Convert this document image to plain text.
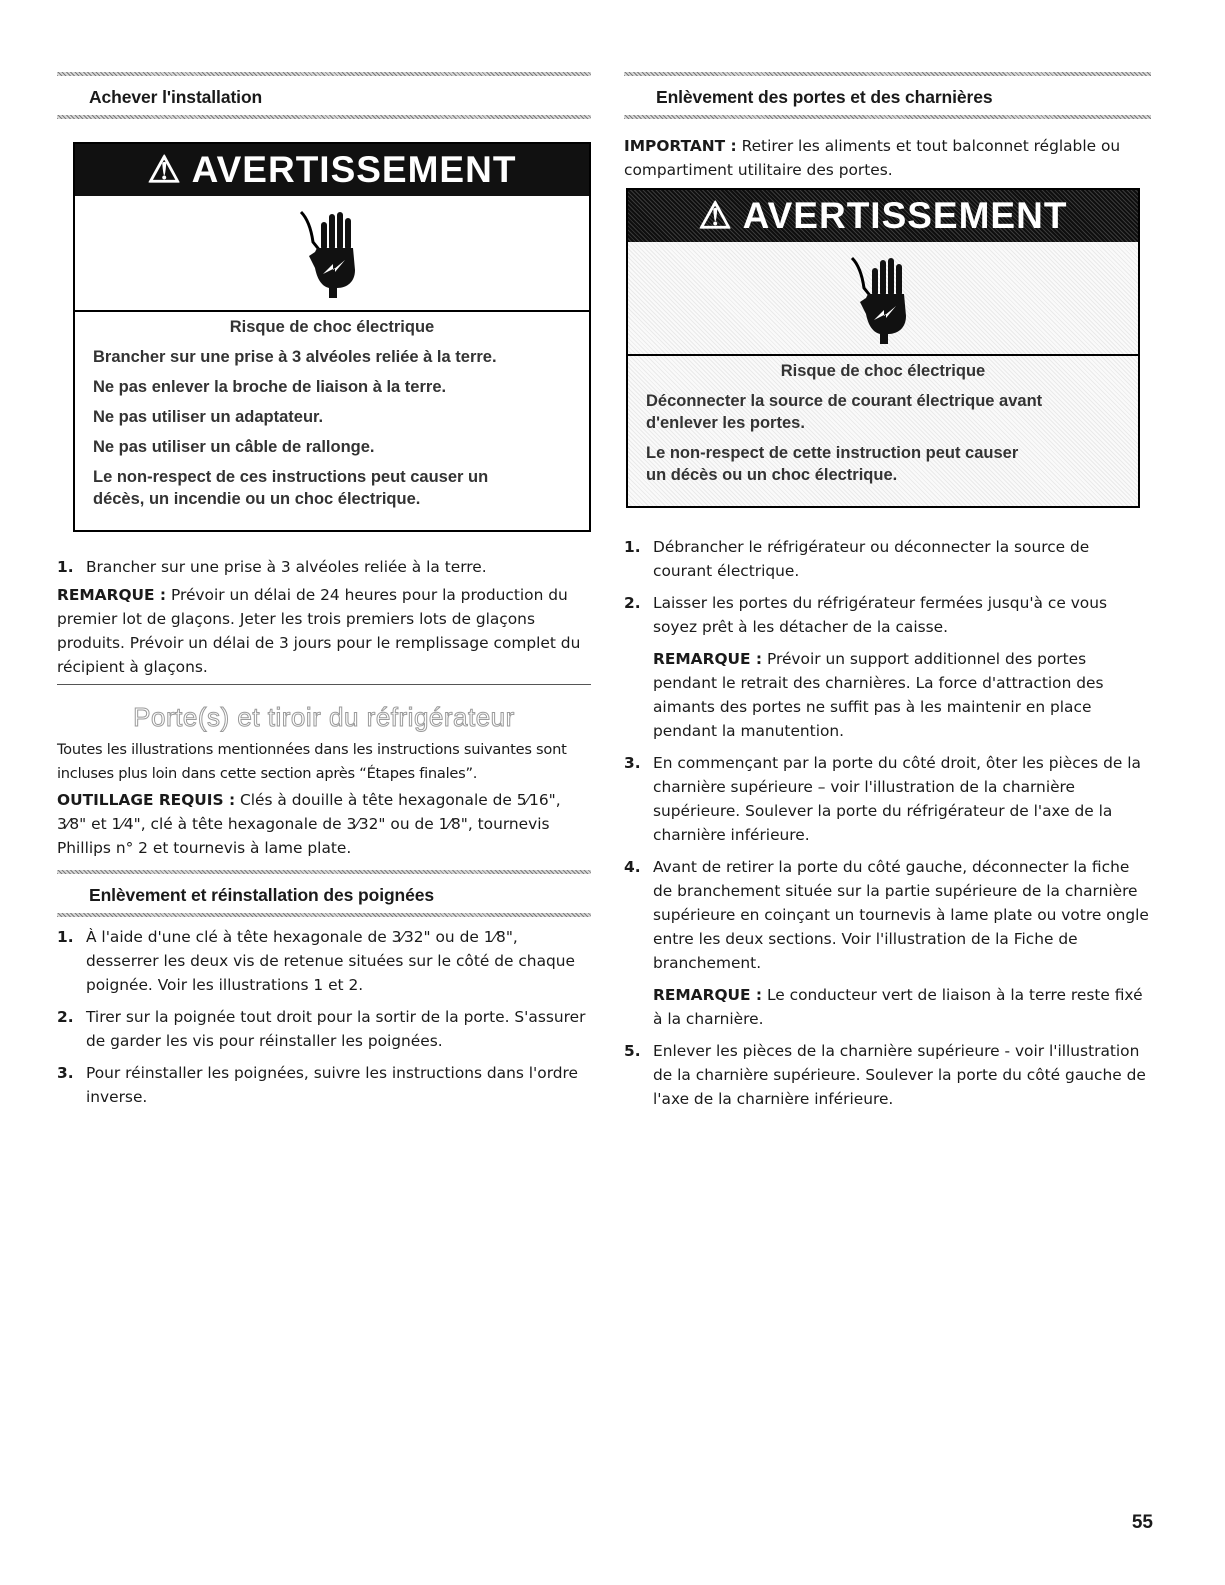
Achever l'installation
⚠ AVERTISSEMENT

Risque de choc électrique

Brancher sur une prise à 3 alvéoles reliée à la terre.

Ne pas enlever la broche de liaison à la terre.

Ne pas utiliser un adaptateur.

Ne pas utiliser un câble de rallonge.

Le non-respect de ces instructions peut causer un décès, un incendie ou un choc électrique.

1. Brancher sur une prise à 3 alvéoles reliée à la terre.

REMARQUE : Prévoir un délai de 24 heures pour la production du premier lot de glaçons. Jeter les trois premiers lots de glaçons produits. Prévoir un délai de 3 jours pour le remplissage complet du récipient à glaçons.

Porte(s) et tiroir du réfrigérateur

Toutes les illustrations mentionnées dans les instructions suivantes sont incluses plus loin dans cette section après “Étapes finales”.

OUTILLAGE REQUIS : Clés à douille à tête hexagonale de 5⁄16", 3⁄8" et 1⁄4", clé à tête hexagonale de 3⁄32" ou de 1⁄8", tournevis Phillips n° 2 et tournevis à lame plate.

Enlèvement et réinstallation des poignées
1. À l'aide d'une clé à tête hexagonale de 3⁄32" ou de 1⁄8", desserrer les deux vis de retenue situées sur le côté de chaque poignée. Voir les illustrations 1 et 2.
2. Tirer sur la poignée tout droit pour la sortir de la porte. S'assurer de garder les vis pour réinstaller les poignées.
3. Pour réinstaller les poignées, suivre les instructions dans l'ordre inverse.
Enlèvement des portes et des charnières

IMPORTANT : Retirer les aliments et tout balconnet réglable ou compartiment utilitaire des portes.

⚠ AVERTISSEMENT

Risque de choc électrique

Déconnecter la source de courant électrique avant d'enlever les portes.

Le non-respect de cette instruction peut causer un décès ou un choc électrique.

1. Débrancher le réfrigérateur ou déconnecter la source de courant électrique.
2. Laisser les portes du réfrigérateur fermées jusqu'à ce vous soyez prêt à les détacher de la caisse.
REMARQUE : Prévoir un support additionnel des portes pendant le retrait des charnières. La force d'attraction des aimants des portes ne suffit pas à les maintenir en place pendant la manutention.
3. En commençant par la porte du côté droit, ôter les pièces de la charnière supérieure – voir l'illustration de la charnière supérieure. Soulever la porte du réfrigérateur de l'axe de la charnière inférieure.
4. Avant de retirer la porte du côté gauche, déconnecter la fiche de branchement située sur la partie supérieure de la charnière supérieure en coinçant un tournevis à lame plate ou votre ongle entre les deux sections. Voir l'illustration de la Fiche de branchement.
REMARQUE : Le conducteur vert de liaison à la terre reste fixé à la charnière.
5. Enlever les pièces de la charnière supérieure - voir l'illustration de la charnière supérieure. Soulever la porte du côté gauche de l'axe de la charnière inférieure.
55
